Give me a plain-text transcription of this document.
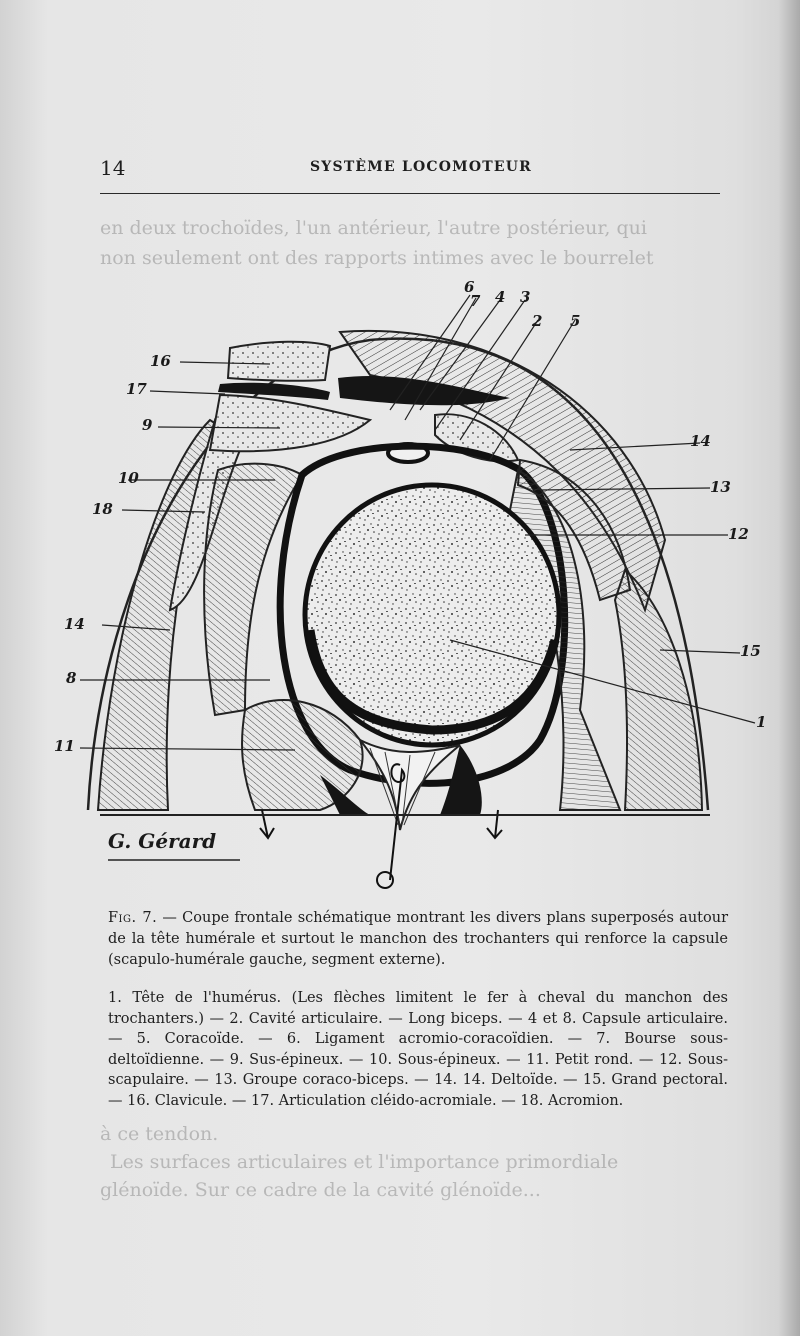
en deux trochoïdes, l'un antérieur, l'autre postérieur, qui
non seulement ont des rapports intimes avec le bourrelet
à ce tendon.
Les surfaces articulaires et l'importance primordiale
glénoïde. Sur ce cadre de la cavité glénoïde...
14	SYSTÈME LOCOMOTEUR
16
17
9
10
18
14
8
11
6
7 4 3
2 5
14
13
12
15
1
G. Gérard
Fig. 7. — Coupe frontale schématique montrant les divers plans superposés autour de la tête humérale et surtout le manchon des trochanters qui renforce la capsule (scapulo-humérale gauche, segment externe).
1. Tête de l'humérus. (Les flèches limitent le fer à cheval du manchon des trochanters.) — 2. Cavité articulaire. — Long biceps. — 4 et 8. Capsule articulaire. — 5. Coracoïde. — 6. Ligament acromio-coracoïdien. — 7. Bourse sous-deltoïdienne. — 9. Sus-épineux. — 10. Sous-épineux. — 11. Petit rond. — 12. Sous-scapulaire. — 13. Groupe coraco-biceps. — 14. 14. Deltoïde. — 15. Grand pectoral. — 16. Clavicule. — 17. Articulation cléido-acromiale. — 18. Acromion.
